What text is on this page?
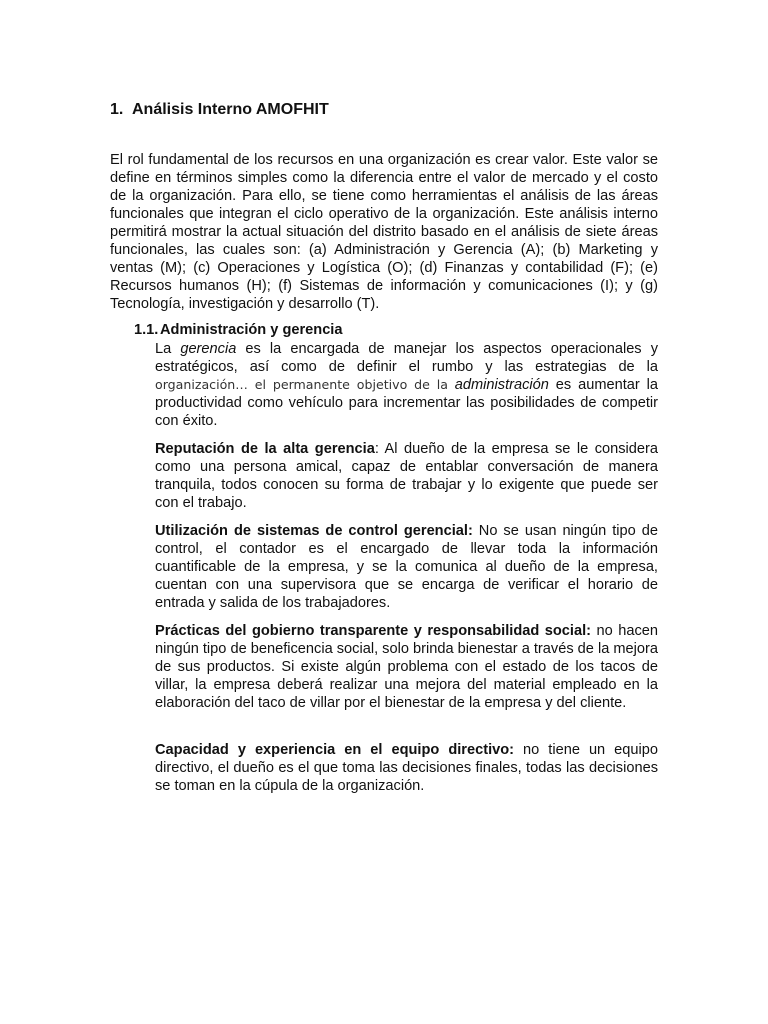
1. Análisis Interno AMOFHIT

El rol fundamental de los recursos en una organización es crear valor. Este valor se define en términos simples como la diferencia entre el valor de mercado y el costo de la organización. Para ello, se tiene como herramientas el análisis de las áreas funcionales que integran el ciclo operativo de la organización. Este análisis interno permitirá mostrar la actual situación del distrito basado en el análisis de siete áreas funcionales, las cuales son: (a) Administración y Gerencia (A); (b) Marketing y ventas (M); (c) Operaciones y Logística (O); (d) Finanzas y contabilidad (F); (e) Recursos humanos (H); (f) Sistemas de información y comunicaciones (I); y (g) Tecnología, investigación y desarrollo (T).

1.1. Administración y gerencia

La gerencia es la encargada de manejar los aspectos operacionales y estratégicos, así como de definir el rumbo y las estrategias de la organización… el permanente objetivo de la administración es aumentar la productividad como vehículo para incrementar las posibilidades de competir con éxito.

Reputación de la alta gerencia: Al dueño de la empresa se le considera como una persona amical, capaz de entablar conversación de manera tranquila, todos conocen su forma de trabajar y lo exigente que puede ser con el trabajo.

Utilización de sistemas de control gerencial: No se usan ningún tipo de control, el contador es el encargado de llevar toda la información cuantificable de la empresa, y se la comunica al dueño de la empresa, cuentan con una supervisora que se encarga de verificar el horario de entrada y salida de los trabajadores.

Prácticas del gobierno transparente y responsabilidad social: no hacen ningún tipo de beneficencia social, solo brinda bienestar a través de la mejora de sus productos. Si existe algún problema con el estado de los tacos de villar, la empresa deberá realizar una mejora del material empleado en la elaboración del taco de villar por el bienestar de la empresa y del cliente.

Capacidad y experiencia en el equipo directivo: no tiene un equipo directivo, el dueño es el que toma las decisiones finales, todas las decisiones se toman en la cúpula de la organización.
